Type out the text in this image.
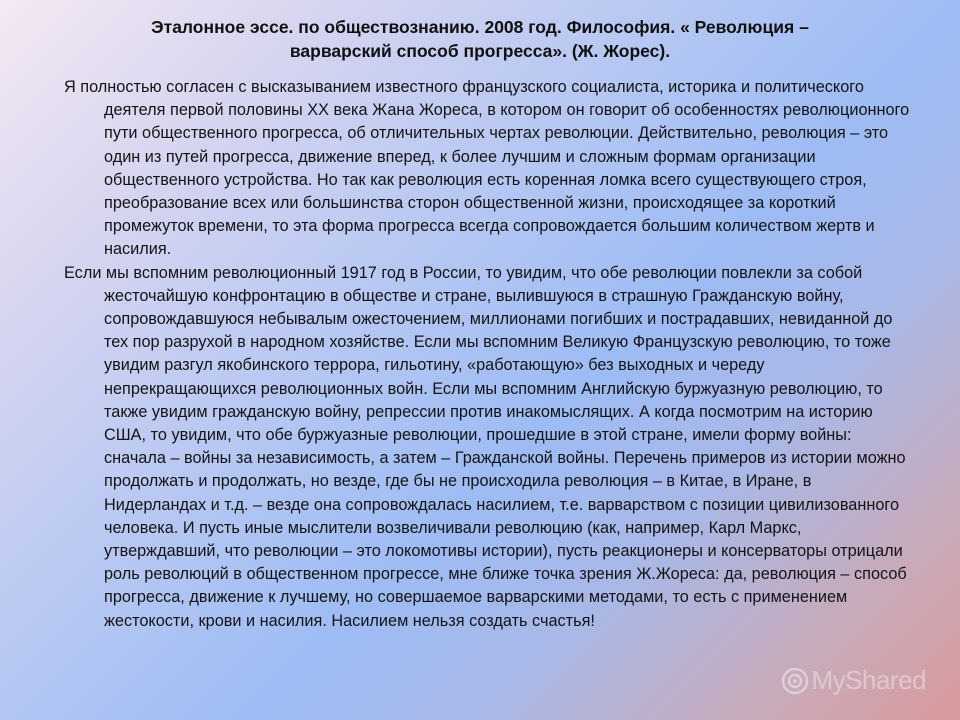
Эталонное эссе. по обществознанию. 2008 год. Философия. « Революция –
варварский способ прогресса». (Ж. Жорес).

Я полностью согласен с высказыванием известного французского социалиста, историка и политического деятеля первой половины XX века Жана Жореса, в котором он говорит об особенностях революционного пути общественного прогресса, об отличительных чертах революции. Действительно, революция – это один из путей прогресса, движение вперед, к более лучшим и сложным формам организации общественного устройства. Но так как революция есть коренная ломка всего существующего строя, преобразование всех или большинства сторон общественной жизни, происходящее за короткий промежуток времени, то эта форма прогресса всегда сопровождается большим количеством жертв и насилия.

Если мы вспомним революционный 1917 год в России, то увидим, что обе революции повлекли за собой жесточайшую конфронтацию в обществе и стране, вылившуюся в страшную Гражданскую войну, сопровождавшуюся небывалым ожесточением, миллионами погибших и пострадавших, невиданной до тех пор разрухой в народном хозяйстве. Если мы вспомним Великую Французскую революцию, то тоже увидим разгул якобинского террора, гильотину, «работающую» без выходных и череду непрекращающихся революционных войн. Если мы вспомним Английскую буржуазную революцию, то также увидим гражданскую войну, репрессии против инакомыслящих. А когда посмотрим на историю США, то увидим, что обе буржуазные революции, прошедшие в этой стране, имели форму войны: сначала – войны за независимость, а затем – Гражданской войны. Перечень примеров из истории можно продолжать и продолжать, но везде, где бы не происходила революция – в Китае, в Иране, в Нидерландах и т.д. – везде она сопровождалась насилием, т.е. варварством с позиции цивилизованного человека. И пусть иные мыслители возвеличивали революцию (как, например, Карл Маркс, утверждавший, что революции – это локомотивы истории), пусть реакционеры и консерваторы отрицали роль революций в общественном прогрессе, мне ближе точка зрения Ж.Жореса: да, революция – способ прогресса, движение к лучшему, но совершаемое варварскими методами, то есть с применением жестокости, крови и насилия. Насилием нельзя создать счастья!

MyShared
